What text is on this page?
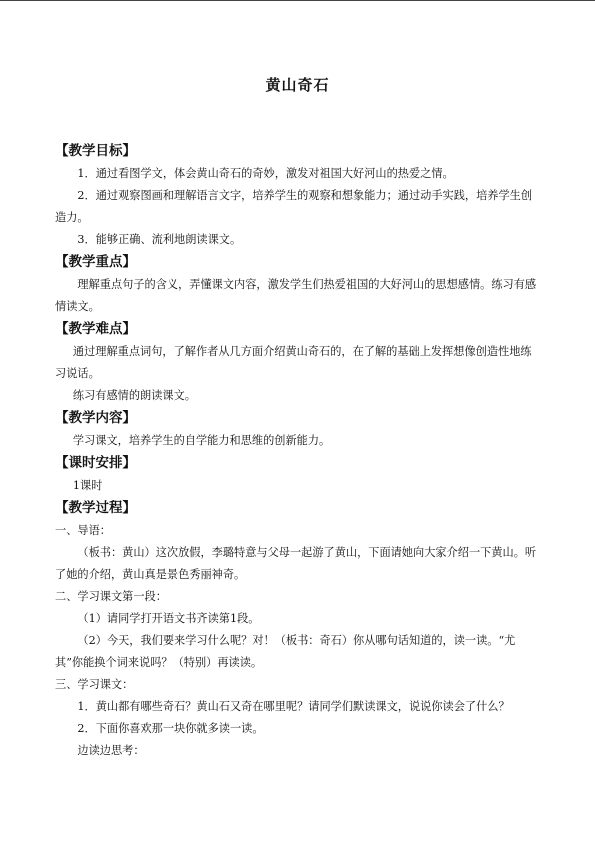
黄山奇石

【教学目标】

1．通过看图学文，体会黄山奇石的奇妙，激发对祖国大好河山的热爱之情。

2．通过观察图画和理解语言文字，培养学生的观察和想象能力；通过动手实践，培养学生创造力。

3．能够正确、流利地朗读课文。

【教学重点】

理解重点句子的含义，弄懂课文内容，激发学生们热爱祖国的大好河山的思想感情。练习有感情读文。

【教学难点】

通过理解重点词句，了解作者从几方面介绍黄山奇石的，在了解的基础上发挥想像创造性地练习说话。

练习有感情的朗读课文。

【教学内容】

学习课文，培养学生的自学能力和思维的创新能力。

【课时安排】

1课时

【教学过程】

一、导语：

（板书：黄山）这次放假，李璐特意与父母一起游了黄山，下面请她向大家介绍一下黄山。听了她的介绍，黄山真是景色秀丽神奇。

二、学习课文第一段：

（1）请同学打开语文书齐读第1段。

（2）今天，我们要来学习什么呢？对！（板书：奇石）你从哪句话知道的，读一读。“尤其”你能换个词来说吗？（特别）再读读。

三、学习课文：

1．黄山都有哪些奇石？黄山石又奇在哪里呢？请同学们默读课文，说说你读会了什么？

2．下面你喜欢那一块你就多读一读。

边读边思考：
